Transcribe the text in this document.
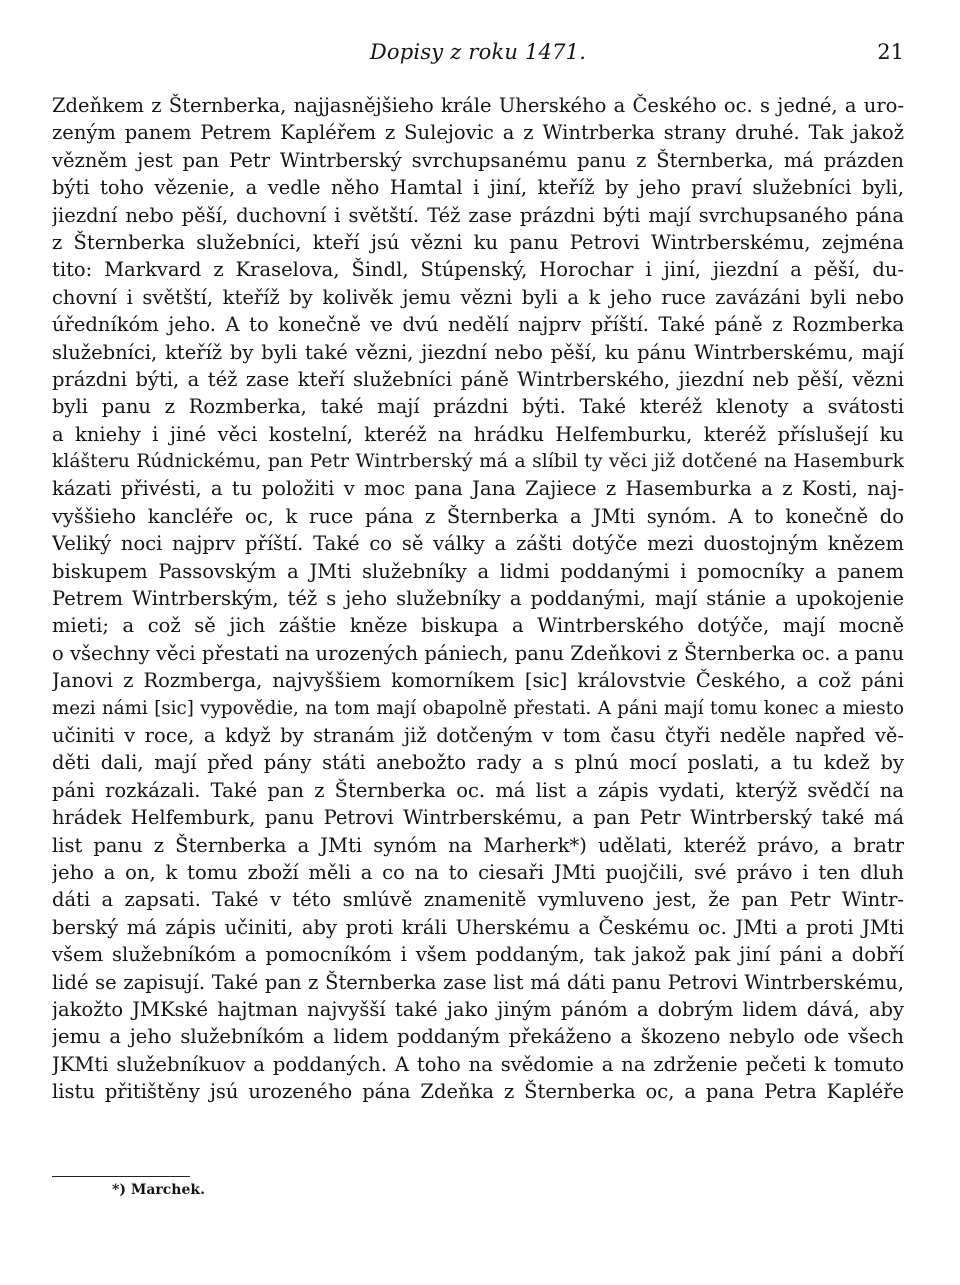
Dopisy z roku 1471.	21
Zdeňkem z Šternberka, najjasnějšieho krále Uherského a Českého oc. s jedné, a uro-
zeným panem Petrem Kapléřem z Sulejovic a z Wintrberka strany druhé. Tak jakož
vězněm jest pan Petr Wintrberský svrchupsanému panu z Šternberka, má prázden
býti toho vězenie, a vedle něho Hamtal i jiní, kteříž by jeho praví služebníci byli,
jiezdní nebo pěší, duchovní i světští. Též zase prázdni býti mají svrchupsaného pána
z Šternberka služebníci, kteří jsú vězni ku panu Petrovi Wintrberskému, zejména
tito: Markvard z Kraselova, Šindl, Stúpenský, Horochar i jiní, jiezdní a pěší, du-
chovní i světští, kteříž by kolivěk jemu vězni byli a k jeho ruce zavázáni byli nebo
úředníkóm jeho. A to konečně ve dvú nedělí najprv příští. Také páně z Rozmberka
služebníci, kteříž by byli také vězni, jiezdní nebo pěší, ku pánu Wintrberskému, mají
prázdni býti, a též zase kteří služebníci páně Wintrberského, jiezdní neb pěší, vězni
byli panu z Rozmberka, také mají prázdni býti. Také kteréž klenoty a svátosti
a kniehy i jiné věci kostelní, kteréž na hrádku Helfemburku, kteréž příslušejí ku
klášteru Rúdnickému, pan Petr Wintrberský má a slíbil ty věci již dotčené na Hasemburk
kázati přivésti, a tu položiti v moc pana Jana Zajiece z Hasemburka a z Kosti, naj-
vyššieho kancléře oc, k ruce pána z Šternberka a JMti synóm. A to konečně do
Veliký noci najprv příští. Také co sě války a zášti dotýče mezi duostojným knězem
biskupem Passovským a JMti služebníky a lidmi poddanými i pomocníky a panem
Petrem Wintrberským, též s jeho služebníky a poddanými, mají stánie a upokojenie
mieti; a což sě jich záštie kněze biskupa a Wintrberského dotýče, mají mocně
o všechny věci přestati na urozených pániech, panu Zdeňkovi z Šternberka oc. a panu
Janovi z Rozmberga, najvyššiem komorníkem [sic] královstvie Českého, a což páni
mezi námi [sic] vypovědie, na tom mají obapolně přestati. A páni mají tomu konec a miesto
učiniti v roce, a když by stranám již dotčeným v tom času čtyři neděle napřed vě-
děti dali, mají před pány státi anebožto rady a s plnú mocí poslati, a tu kdež by
páni rozkázali. Také pan z Šternberka oc. má list a zápis vydati, kterýž svědčí na
hrádek Helfemburk, panu Petrovi Wintrberskému, a pan Petr Wintrberský také má
list panu z Šternberka a JMti synóm na Marherk*) udělati, kteréž právo, a bratr
jeho a on, k tomu zboží měli a co na to ciesaři JMti puojčili, své právo i ten dluh
dáti a zapsati. Také v této smlúvě znamenitě vymluveno jest, že pan Petr Wintr-
berský má zápis učiniti, aby proti králi Uherskému a Českému oc. JMti a proti JMti
všem služebníkóm a pomocníkóm i všem poddaným, tak jakož pak jiní páni a dobří
lidé se zapisují. Také pan z Šternberka zase list má dáti panu Petrovi Wintrberskému,
jakožto JMKské hajtman najvyšší také jako jiným pánóm a dobrým lidem dává, aby
jemu a jeho služebníkóm a lidem poddaným překáženo a škozeno nebylo ode všech
JKMti služebníkuov a poddaných. A toho na svědomie a na zdrženie pečeti k tomuto
listu přitištěny jsú urozeného pána Zdeňka z Šternberka oc, a pana Petra Kapléře
*) Marchek.
